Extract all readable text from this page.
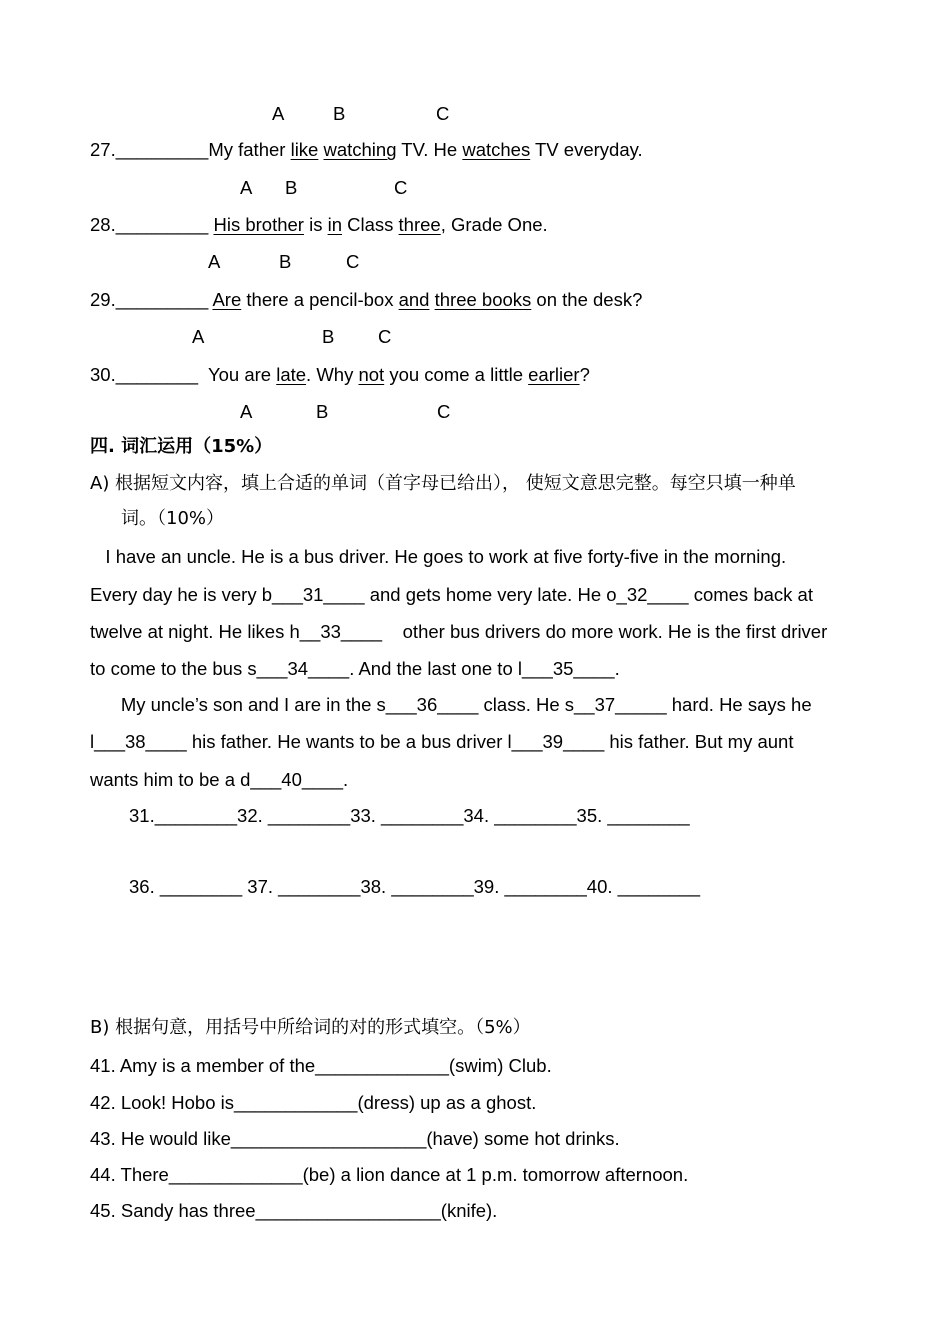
A	B	C
27._________My father like watching TV. He watches TV everyday.
A B	C
28._________ His brother is in Class three, Grade One.
A	B	C
29._________ Are there a pencil-box and three books on the desk?
A	B C
30.________  You are late. Why not you come a little earlier?
A	B	C
四. 词汇运用（15%）
A) 根据短文内容，填上合适的单词（首字母已给出）， 使短文意思完整。每空只填一种单
词。（10%）
I have an uncle. He is a bus driver. He goes to work at five forty-five in the morning.
Every day he is very b___31____ and gets home very late. He o_32____ comes back at
twelve at night. He likes h__33____    other bus drivers do more work. He is the first driver
to come to the bus s___34____. And the last one to l___35____.
My uncle’s son and I are in the s___36____ class. He s__37_____ hard. He says he
l___38____ his father. He wants to be a bus driver l___39____ his father. But my aunt
wants him to be a d___40____.
31.________32. ________33. ________34. ________35. ________
36. ________ 37. ________38. ________39. ________40. ________
B) 根据句意，用括号中所给词的对的形式填空。（5%）
41. Amy is a member of the_____________(swim) Club.
42. Look! Hobo is____________(dress) up as a ghost.
43. He would like___________________(have) some hot drinks.
44. There_____________(be) a lion dance at 1 p.m. tomorrow afternoon.
45. Sandy has three__________________(knife).
